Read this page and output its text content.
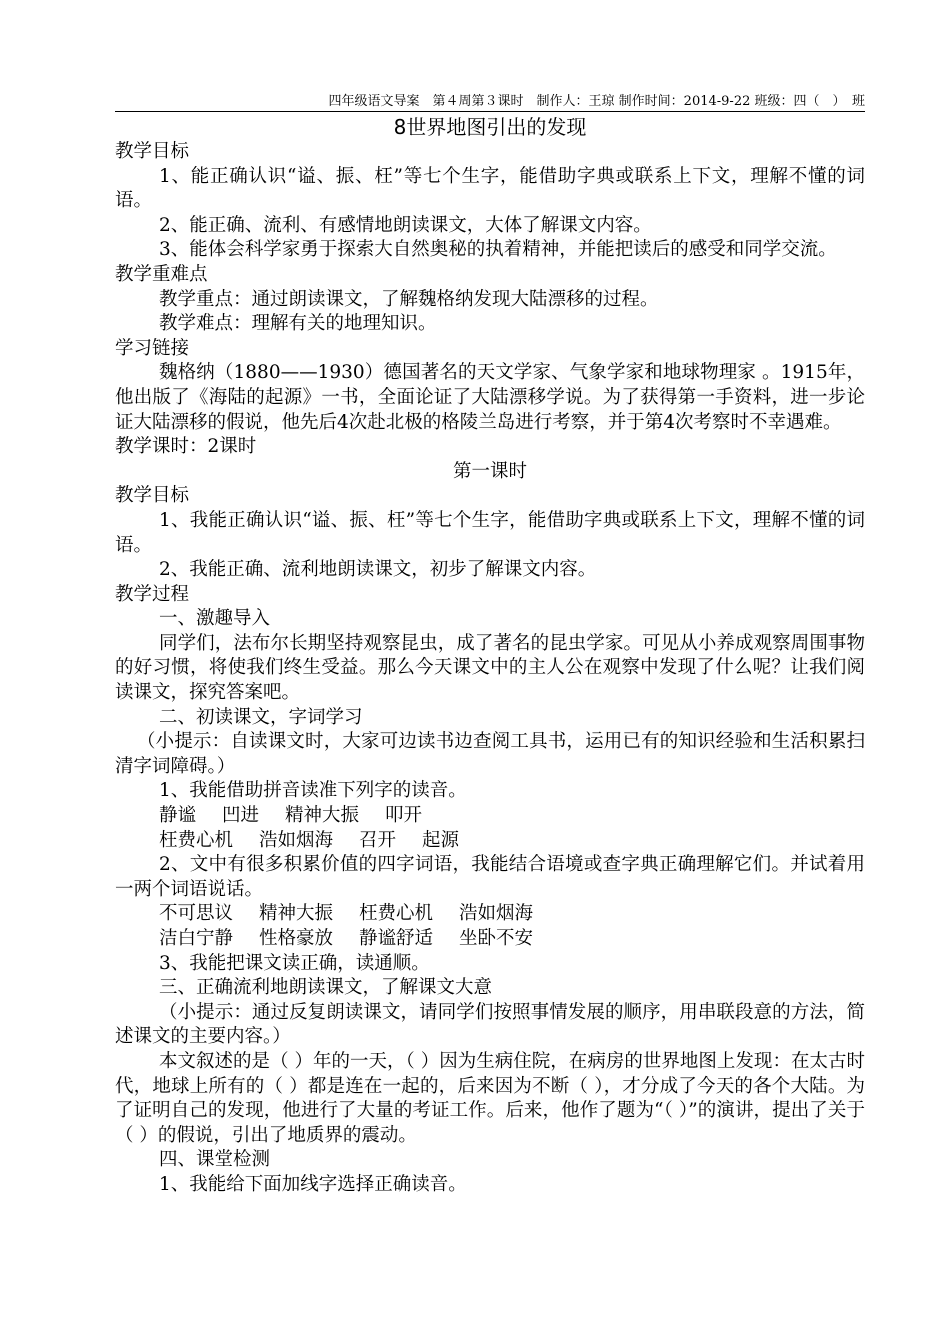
四年级语文导案　第４周第３课时　制作人：王琼 制作时间：2014-9-22 班级：四（　）　班
8世界地图引出的发现

教学目标

1、能正确认识“谥、振、枉”等七个生字，能借助字典或联系上下文，理解不懂的词语。

2、能正确、流利、有感情地朗读课文，大体了解课文内容。

3、能体会科学家勇于探索大自然奥秘的执着精神，并能把读后的感受和同学交流。

教学重难点

教学重点：通过朗读课文，了解魏格纳发现大陆漂移的过程。

教学难点：理解有关的地理知识。

学习链接

魏格纳（1880——1930）德国著名的天文学家、气象学家和地球物理家 。1915年，他出版了《海陆的起源》一书，全面论证了大陆漂移学说。为了获得第一手资料，进一步论证大陆漂移的假说，他先后4次赴北极的格陵兰岛进行考察，并于第4次考察时不幸遇难。

教学课时：2课时

第一课时

教学目标

1、我能正确认识“谥、振、枉”等七个生字，能借助字典或联系上下文，理解不懂的词语。

2、我能正确、流利地朗读课文，初步了解课文内容。

教学过程

一、激趣导入

同学们，法布尔长期坚持观察昆虫，成了著名的昆虫学家。可见从小养成观察周围事物的好习惯，将使我们终生受益。那么今天课文中的主人公在观察中发现了什么呢？让我们阅读课文，探究答案吧。

二、初读课文，字词学习

（小提示：自读课文时，大家可边读书边查阅工具书，运用已有的知识经验和生活积累扫清字词障碍。）

1、我能借助拼音读准下列字的读音。

静谧 凹进 精神大振 叩开

枉费心机 浩如烟海 召开 起源

2、文中有很多积累价值的四字词语，我能结合语境或查字典正确理解它们。并试着用一两个词语说话。

不可思议 精神大振 枉费心机 浩如烟海

洁白宁静 性格豪放 静谧舒适 坐卧不安

3、我能把课文读正确，读通顺。

三、正确流利地朗读课文，了解课文大意

（小提示：通过反复朗读课文，请同学们按照事情发展的顺序，用串联段意的方法，简述课文的主要内容。）

本文叙述的是（ ）年的一天，（ ）因为生病住院，在病房的世界地图上发现：在太古时代，地球上所有的（ ）都是连在一起的，后来因为不断（ ），才分成了今天的各个大陆。为了证明自己的发现，他进行了大量的考证工作。后来，他作了题为“（ ）”的演讲，提出了关于（ ）的假说，引出了地质界的震动。

四、课堂检测

1、我能给下面加线字选择正确读音。
